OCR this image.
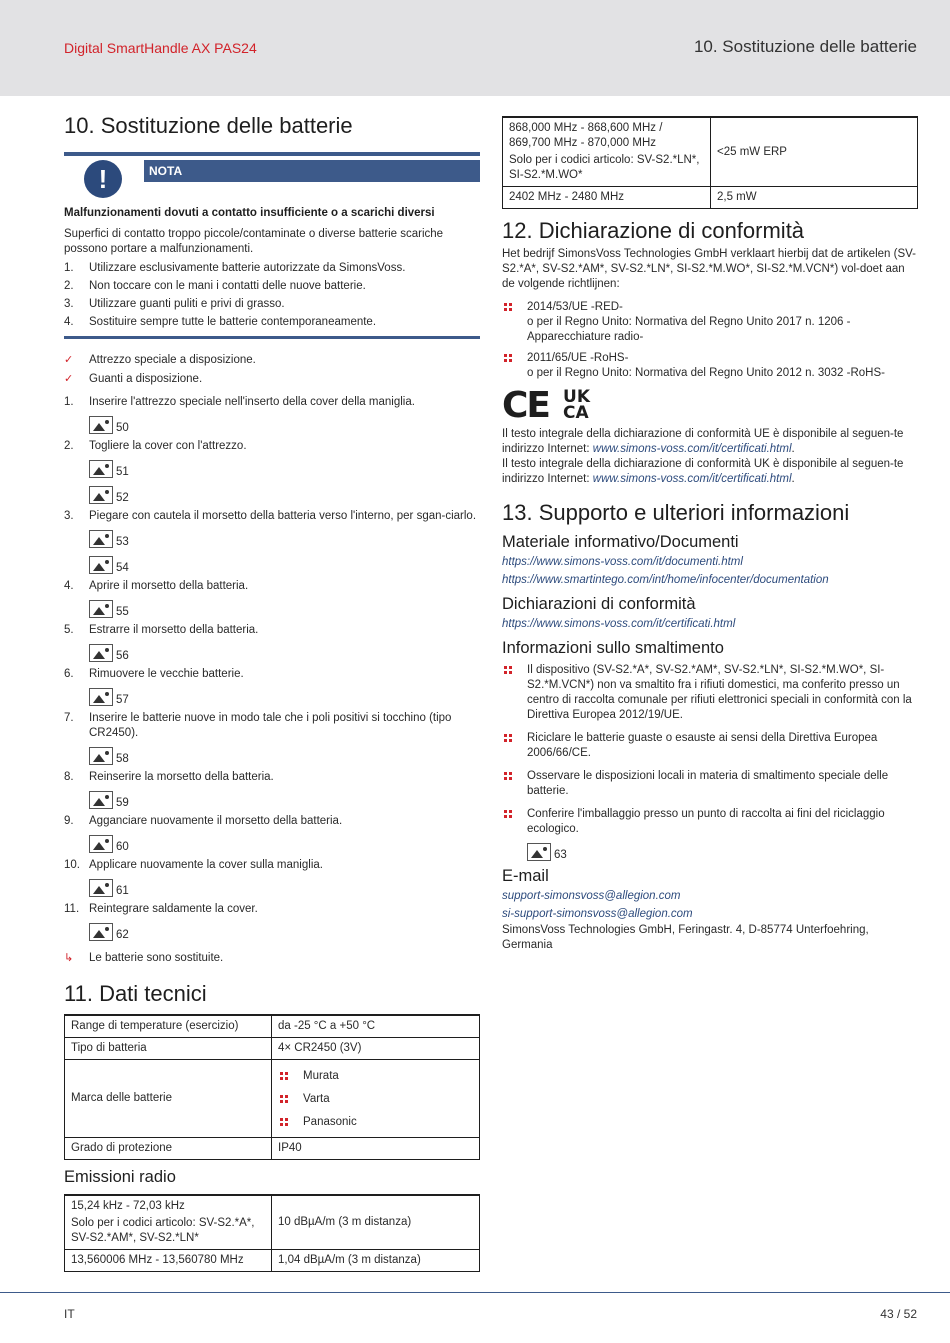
Digital SmartHandle AX PAS24	10. Sostituzione delle batterie
10. Sostituzione delle batterie
!	NOTA
Malfunzionamenti dovuti a contatto insufficiente o a scarichi diversi
Superfici di contatto troppo piccole/contaminate o diverse batterie scariche possono portare a malfunzionamenti.
1. Utilizzare esclusivamente batterie autorizzate da SimonsVoss.
2. Non toccare con le mani i contatti delle nuove batterie.
3. Utilizzare guanti puliti e privi di grasso.
4. Sostituire sempre tutte le batterie contemporaneamente.
✓ Attrezzo speciale a disposizione.
✓ Guanti a disposizione.
1. Inserire l'attrezzo speciale nell'inserto della cover della maniglia.
50
2. Togliere la cover con l'attrezzo.
51
52
3. Piegare con cautela il morsetto della batteria verso l'interno, per sgan-ciarlo.
53
54
4. Aprire il morsetto della batteria.
55
5. Estrarre il morsetto della batteria.
56
6. Rimuovere le vecchie batterie.
57
7. Inserire le batterie nuove in modo tale che i poli positivi si tocchino (tipo CR2450).
58
8. Reinserire la morsetto della batteria.
59
9. Agganciare nuovamente il morsetto della batteria.
60
10. Applicare nuovamente la cover sulla maniglia.
61
11. Reintegrare saldamente la cover.
62
↳ Le batterie sono sostituite.
11. Dati tecnici
Range di temperature (esercizio)	da -25 °C a +50 °C
Tipo di batteria	4× CR2450 (3V)
Marca delle batterie	Murata
Varta
Panasonic

Grado di protezione	IP40
Emissioni radio
15,24 kHz - 72,03 kHz
Solo per i codici articolo: SV-S2.*A*, SV-S2.*AM*, SV-S2.*LN*	10 dBµA/m (3 m distanza)
13,560006 MHz - 13,560780 MHz	1,04 dBµA/m (3 m distanza)
868,000 MHz - 868,600 MHz / 869,700 MHz - 870,000 MHz
Solo per i codici articolo: SV-S2.*LN*, SI-S2.*M.WO*	<25 mW ERP
2402 MHz - 2480 MHz	2,5 mW
12. Dichiarazione di conformità
Het bedrijf SimonsVoss Technologies GmbH verklaart hierbij dat de artikelen (SV-S2.*A*, SV-S2.*AM*, SV-S2.*LN*, SI-S2.*M.WO*, SI-S2.*M.VCN*) vol-doet aan de volgende richtlijnen:
2014/53/UE -RED-
o per il Regno Unito: Normativa del Regno Unito 2017 n. 1206 -Apparecchiature radio-
2011/65/UE -RoHS-
o per il Regno Unito: Normativa del Regno Unito 2012 n. 3032 -RoHS-
CE UK
CA
Il testo integrale della dichiarazione di conformità UE è disponibile al seguen-te indirizzo Internet: www.simons-voss.com/it/certificati.html.
Il testo integrale della dichiarazione di conformità UK è disponibile al seguen-te indirizzo Internet: www.simons-voss.com/it/certificati.html.
13. Supporto e ulteriori informazioni
Materiale informativo/Documenti
https://www.simons-voss.com/it/documenti.html
https://www.smartintego.com/int/home/infocenter/documentation
Dichiarazioni di conformità
https://www.simons-voss.com/it/certificati.html
Informazioni sullo smaltimento
Il dispositivo (SV-S2.*A*, SV-S2.*AM*, SV-S2.*LN*, SI-S2.*M.WO*, SI-S2.*M.VCN*) non va smaltito fra i rifiuti domestici, ma conferito presso un centro di raccolta comunale per rifiuti elettronici speciali in conformità con la Direttiva Europea 2012/19/UE.
Riciclare le batterie guaste o esauste ai sensi della Direttiva Europea 2006/66/CE.
Osservare le disposizioni locali in materia di smaltimento speciale delle batterie.
Conferire l'imballaggio presso un punto di raccolta ai fini del riciclaggio ecologico.
63
E-mail
support-simonsvoss@allegion.com
si-support-simonsvoss@allegion.com
SimonsVoss Technologies GmbH, Feringastr. 4, D-85774 Unterfoehring, Germania
IT	43 / 52
